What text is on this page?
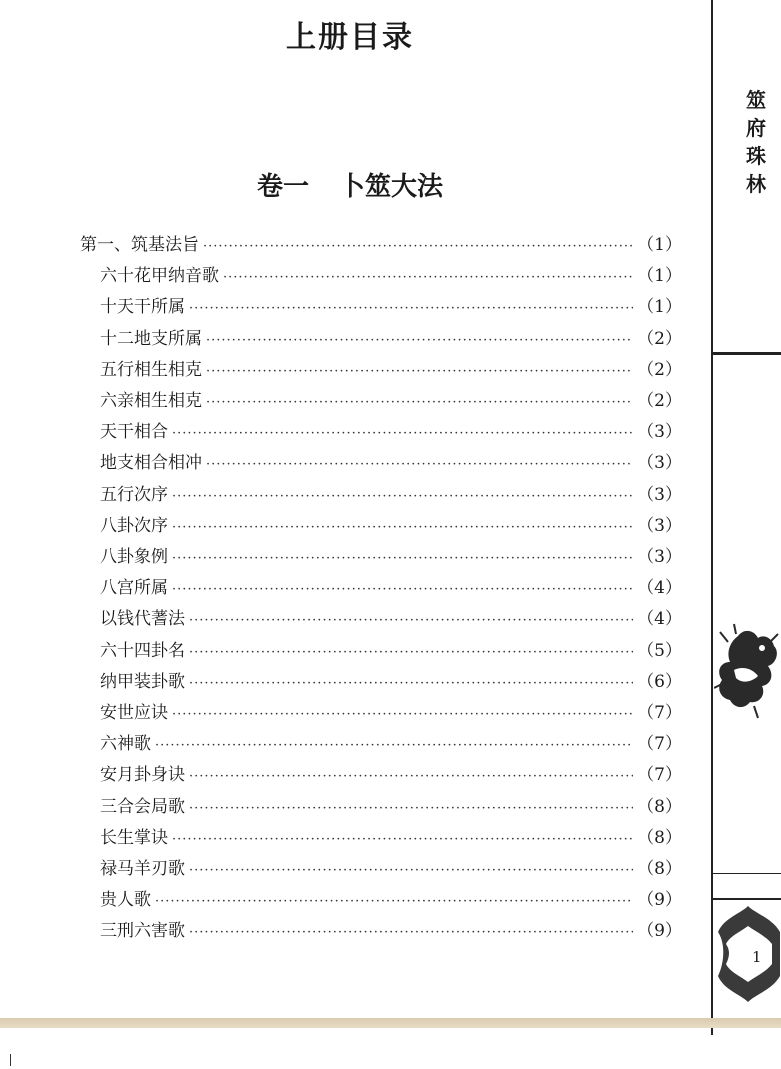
上册目录
卷一 卜筮大法
第一、筑基法旨 ·····	（1）
六十花甲纳音歌 ·····	（1）
十天干所属 ·····	（1）
十二地支所属 ·····	（2）
五行相生相克 ·····	（2）
六亲相生相克 ·····	（2）
天干相合 ·····	（3）
地支相合相冲 ·····	（3）
五行次序 ·····	（3）
八卦次序 ·····	（3）
八卦象例 ·····	（3）
八宫所属 ·····	（4）
以钱代蓍法 ·····	（4）
六十四卦名 ·····	（5）
纳甲装卦歌 ·····	（6）
安世应诀 ·····	（7）
六神歌 ·····	（7）
安月卦身诀 ·····	（7）
三合会局歌 ·····	（8）
长生掌诀 ·····	（8）
禄马羊刃歌 ·····	（8）
贵人歌 ·····	（9）
三刑六害歌 ·····	（9）
筮
府
珠
林
1
